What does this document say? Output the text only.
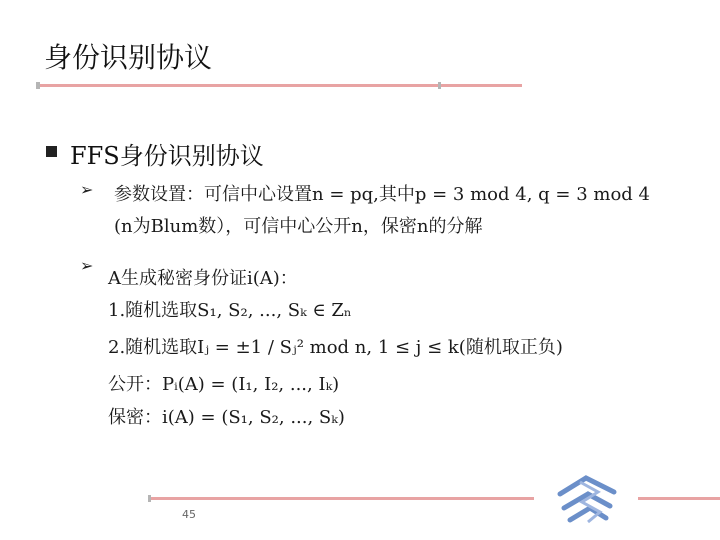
身份识别协议
FFS身份识别协议
➢ 参数设置：可信中心设置n = pq,其中p = 3 mod 4, q = 3 mod 4
(n为Blum数），可信中心公开n，保密n的分解
➢
A生成秘密身份证i(A)：
1.随机选取S₁, S₂, ..., Sₖ ∈ Zₙ
2.随机选取Iⱼ = ±1 / Sⱼ² mod n, 1 ≤ j ≤ k(随机取正负)
公开：Pᵢ(A) = (I₁, I₂, ..., Iₖ)
保密：i(A) = (S₁, S₂, ..., Sₖ)
45
